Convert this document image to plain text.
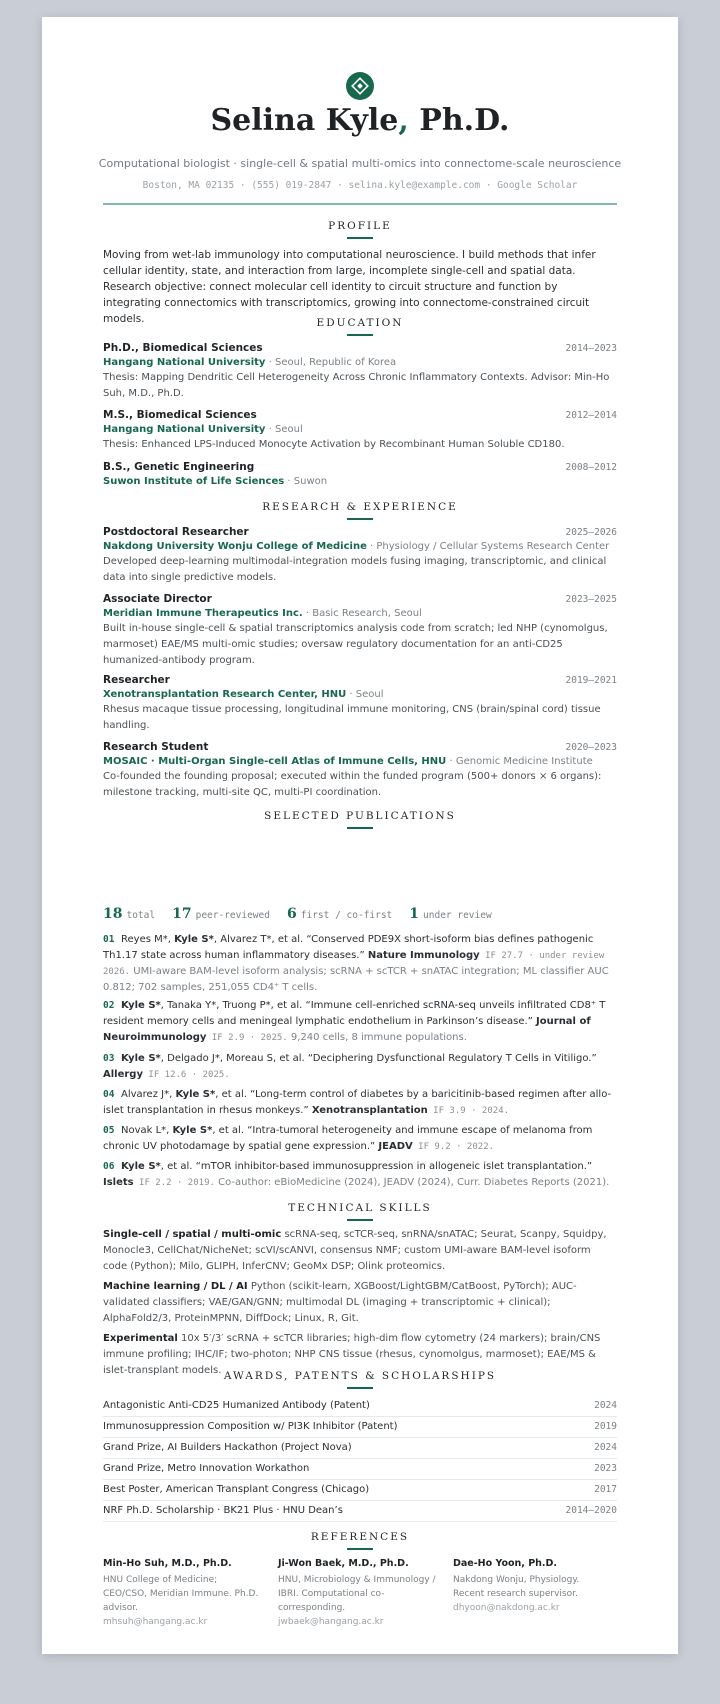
Selina Kyle, Ph.D.
Computational biologist · single-cell & spatial multi-omics into connectome-scale neuroscience
Boston, MA 02135 · (555) 019-2847 · selina.kyle@example.com · Google Scholar
PROFILE
Moving from wet-lab immunology into computational neuroscience. I build methods that infer cellular identity, state, and interaction from large, incomplete single-cell and spatial data. Research objective: connect molecular cell identity to circuit structure and function by integrating connectomics with transcriptomics, growing into connectome-constrained circuit models.	EDUCATION
Ph.D., Biomedical Sciences	2014–2023
Hangang National University · Seoul, Republic of Korea
Thesis: Mapping Dendritic Cell Heterogeneity Across Chronic Inflammatory Contexts. Advisor: Min-Ho Suh, M.D., Ph.D.
M.S., Biomedical Sciences	2012–2014
Hangang National University · Seoul
Thesis: Enhanced LPS-Induced Monocyte Activation by Recombinant Human Soluble CD180.
B.S., Genetic Engineering	2008–2012
Suwon Institute of Life Sciences · Suwon
RESEARCH & EXPERIENCE
Postdoctoral Researcher	2025–2026
Nakdong University Wonju College of Medicine · Physiology / Cellular Systems Research Center
Developed deep-learning multimodal-integration models fusing imaging, transcriptomic, and clinical data into single predictive models.
Associate Director	2023–2025
Meridian Immune Therapeutics Inc. · Basic Research, Seoul
Built in-house single-cell & spatial transcriptomics analysis code from scratch; led NHP (cynomolgus, marmoset) EAE/MS multi-omic studies; oversaw regulatory documentation for an anti-CD25 humanized-antibody program.
Researcher	2019–2021
Xenotransplantation Research Center, HNU · Seoul
Rhesus macaque tissue processing, longitudinal immune monitoring, CNS (brain/spinal cord) tissue handling.
Research Student	2020–2023
MOSAIC · Multi-Organ Single-cell Atlas of Immune Cells, HNU · Genomic Medicine Institute
Co-founded the founding proposal; executed within the funded program (500+ donors × 6 organs): milestone tracking, multi-site QC, multi-PI coordination.
SELECTED PUBLICATIONS
18 total 17 peer-reviewed 6 first / co-first 1 under review
01 Reyes M*, Kyle S*, Alvarez T*, et al. “Conserved PDE9X short-isoform bias defines pathogenic Th1.17 state across human inflammatory diseases.” Nature Immunology IF 27.7 · under review 2026. UMI-aware BAM-level isoform analysis; scRNA + scTCR + snATAC integration; ML classifier AUC 0.812; 702 samples, 251,055 CD4⁺ T cells.
02 Kyle S*, Tanaka Y*, Truong P*, et al. “Immune cell-enriched scRNA-seq unveils infiltrated CD8⁺ T resident memory cells and meningeal lymphatic endothelium in Parkinson’s disease.” Journal of Neuroimmunology IF 2.9 · 2025. 9,240 cells, 8 immune populations.
03 Kyle S*, Delgado J*, Moreau S, et al. “Deciphering Dysfunctional Regulatory T Cells in Vitiligo.” Allergy IF 12.6 · 2025.
04 Alvarez J*, Kyle S*, et al. “Long-term control of diabetes by a baricitinib-based regimen after allo-islet transplantation in rhesus monkeys.” Xenotransplantation IF 3.9 · 2024.
05 Novak L*, Kyle S*, et al. “Intra-tumoral heterogeneity and immune escape of melanoma from chronic UV photodamage by spatial gene expression.” JEADV IF 9.2 · 2022.
06 Kyle S*, et al. “mTOR inhibitor-based immunosuppression in allogeneic islet transplantation.” Islets IF 2.2 · 2019. Co-author: eBioMedicine (2024), JEADV (2024), Curr. Diabetes Reports (2021).
TECHNICAL SKILLS
Single-cell / spatial / multi-omic scRNA-seq, scTCR-seq, snRNA/snATAC; Seurat, Scanpy, Squidpy, Monocle3, CellChat/NicheNet; scVI/scANVI, consensus NMF; custom UMI-aware BAM-level isoform code (Python); Milo, GLIPH, InferCNV; GeoMx DSP; Olink proteomics.
Machine learning / DL / AI Python (scikit-learn, XGBoost/LightGBM/CatBoost, PyTorch); AUC-validated classifiers; VAE/GAN/GNN; multimodal DL (imaging + transcriptomic + clinical); AlphaFold2/3, ProteinMPNN, DiffDock; Linux, R, Git.
Experimental 10x 5′/3′ scRNA + scTCR libraries; high-dim flow cytometry (24 markers); brain/CNS immune profiling; IHC/IF; two-photon; NHP CNS tissue (rhesus, cynomolgus, marmoset); EAE/MS & islet-transplant models. AWARDS, PATENTS & SCHOLARSHIPS
Antagonistic Anti-CD25 Humanized Antibody (Patent)	2024
Immunosuppression Composition w/ PI3K Inhibitor (Patent)	2019
Grand Prize, AI Builders Hackathon (Project Nova)	2024
Grand Prize, Metro Innovation Workathon	2023
Best Poster, American Transplant Congress (Chicago)	2017
NRF Ph.D. Scholarship · BK21 Plus · HNU Dean’s	2014–2020
REFERENCES
Min-Ho Suh, M.D., Ph.D.
HNU College of Medicine; CEO/CSO, Meridian Immune. Ph.D. advisor.
mhsuh@hangang.ac.kr
Ji-Won Baek, M.D., Ph.D.
HNU, Microbiology & Immunology / IBRI. Computational co-corresponding.
jwbaek@hangang.ac.kr
Dae-Ho Yoon, Ph.D.
Nakdong Wonju, Physiology. Recent research supervisor.
dhyoon@nakdong.ac.kr
